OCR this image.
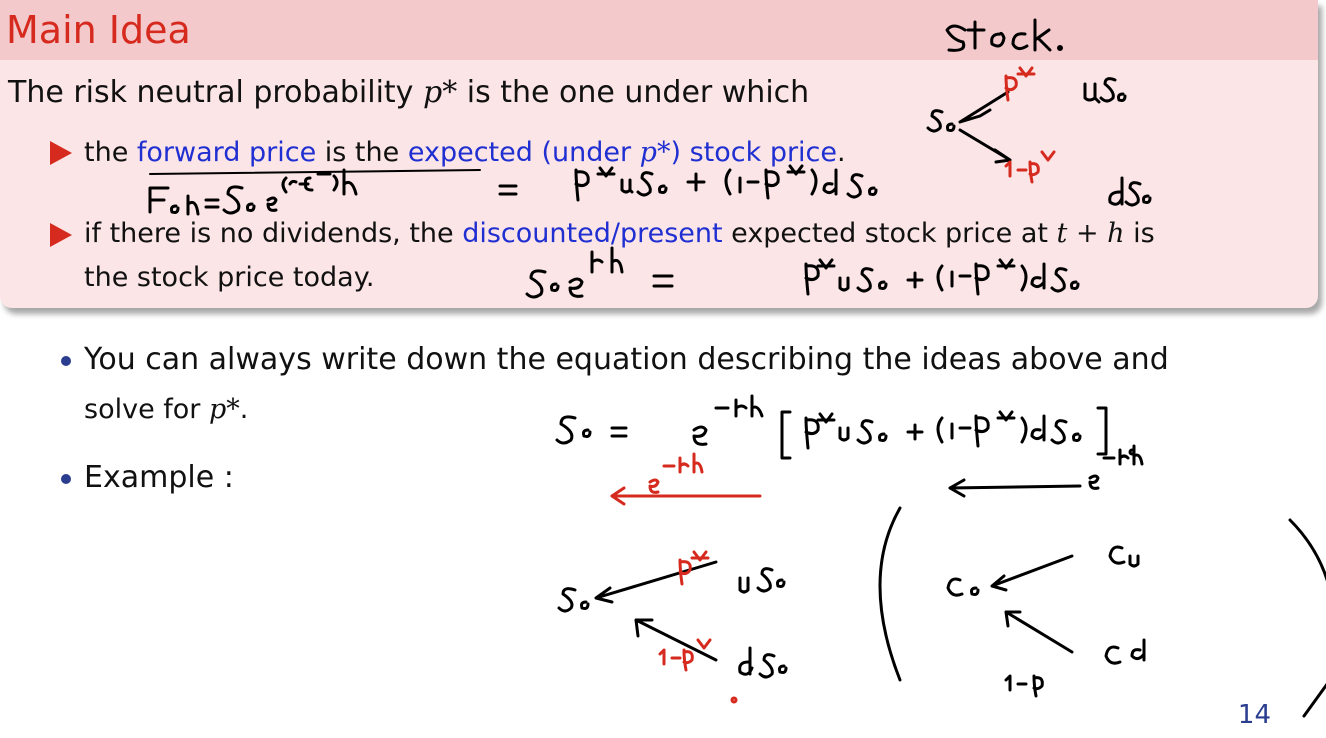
Main Idea
The risk neutral probability p* is the one under which
the forward price is the expected (under p*) stock price.
if there is no dividends, the discounted/present expected stock price at t + h is
the stock price today.
You can always write down the equation describing the ideas above and
solve for p*.
Example :
14
